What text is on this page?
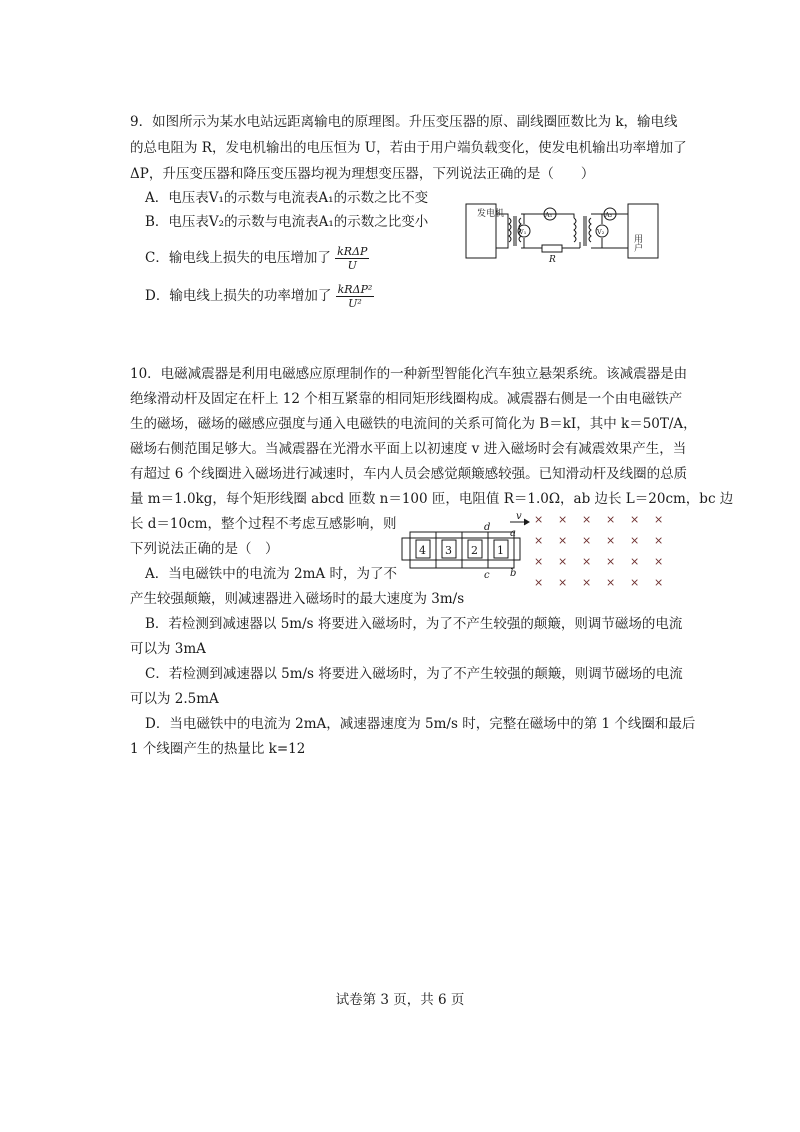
9．如图所示为某水电站远距离输电的原理图。升压变压器的原、副线圈匝数比为 k，输电线
的总电阻为 R，发电机输出的电压恒为 U，若由于用户端负载变化，使发电机输出功率增加了
ΔP，升压变压器和降压变压器均视为理想变压器，下列说法正确的是（　　）
A．电压表V₁的示数与电流表A₁的示数之比不变
B．电压表V₂的示数与电流表A₁的示数之比变小
C．输电线上损失的电压增加了 $\frac{\text{kRΔP}}{U}$
D．输电线上损失的功率增加了 $\frac{\text{kRΔP²}}{\text{U²}}$
发电机
用户
R
V₁
A₁	A₂
V₂
10．电磁减震器是利用电磁感应原理制作的一种新型智能化汽车独立悬架系统。该减震器是由
绝缘滑动杆及固定在杆上 12 个相互紧靠的相同矩形线圈构成。减震器右侧是一个由电磁铁产
生的磁场，磁场的磁感应强度与通入电磁铁的电流间的关系可简化为 B＝kI，其中 k＝50T/A，
磁场右侧范围足够大。当减震器在光滑水平面上以初速度 v 进入磁场时会有减震效果产生，当
有超过 6 个线圈进入磁场进行减速时，车内人员会感觉颠簸感较强。已知滑动杆及线圈的总质
量 m＝1.0kg，每个矩形线圈 abcd 匝数 n＝100 匝，电阻值 R＝1.0Ω，ab 边长 L＝20cm，bc 边
长 d＝10cm，整个过程不考虑互感影响，则
下列说法正确的是（　）
A．当电磁铁中的电流为 2mA 时，为了不
产生较强颠簸，则减速器进入磁场时的最大速度为 3m/s
B．若检测到减速器以 5m/s 将要进入磁场时，为了不产生较强的颠簸，则调节磁场的电流
可以为 3mA
C．若检测到减速器以 5m/s 将要进入磁场时，为了不产生较强的颠簸，则调节磁场的电流
可以为 2.5mA
D．当电磁铁中的电流为 2mA，减速器速度为 5m/s 时，完整在磁场中的第 1 个线圈和最后
1 个线圈产生的热量比 k=12
4 3 2 1
d
a
c b
v × × × × × ×
× × × × × ×
× × × × × ×
× × × × × ×
试卷第 3 页，共 6 页
